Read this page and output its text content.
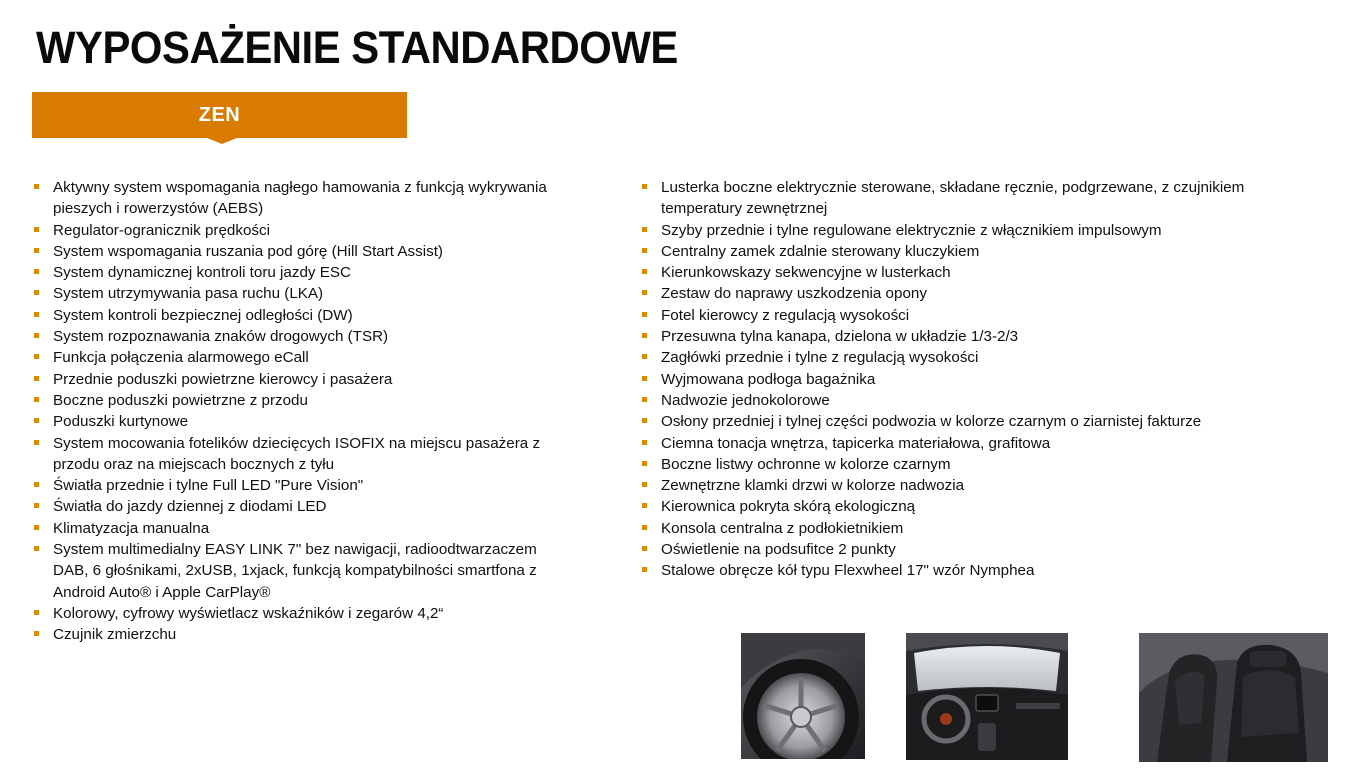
WYPOSAŻENIE STANDARDOWE
ZEN
Aktywny system wspomagania nagłego hamowania z funkcją wykrywania pieszych i rowerzystów (AEBS)
Regulator-ogranicznik prędkości
System wspomagania ruszania pod górę (Hill Start Assist)
System dynamicznej kontroli toru jazdy ESC
System utrzymywania pasa ruchu (LKA)
System kontroli bezpiecznej odległości (DW)
System rozpoznawania znaków drogowych (TSR)
Funkcja połączenia alarmowego eCall
Przednie poduszki powietrzne kierowcy i pasażera
Boczne poduszki powietrzne z przodu
Poduszki kurtynowe
System mocowania fotelików dziecięcych ISOFIX na miejscu pasażera z przodu oraz na miejscach bocznych z tyłu
Światła przednie i tylne Full LED "Pure Vision"
Światła do jazdy dziennej z diodami LED
Klimatyzacja manualna
System multimedialny EASY LINK 7" bez nawigacji, radioodtwarzaczem DAB, 6 głośnikami, 2xUSB, 1xjack, funkcją kompatybilności smartfona z Android Auto® i Apple CarPlay®
Kolorowy, cyfrowy wyświetlacz wskaźników i zegarów 4,2“
Czujnik zmierzchu
Lusterka boczne elektrycznie sterowane, składane ręcznie, podgrzewane, z czujnikiem temperatury zewnętrznej
Szyby przednie i tylne regulowane elektrycznie z włącznikiem impulsowym
Centralny zamek zdalnie sterowany kluczykiem
Kierunkowskazy sekwencyjne w lusterkach
Zestaw do naprawy uszkodzenia opony
Fotel kierowcy z regulacją wysokości
Przesuwna tylna kanapa, dzielona w układzie 1/3-2/3
Zagłówki przednie i tylne z regulacją wysokości
Wyjmowana podłoga bagażnika
Nadwozie jednokolorowe
Osłony przedniej i tylnej części podwozia w kolorze czarnym o ziarnistej fakturze
Ciemna tonacja wnętrza, tapicerka materiałowa, grafitowa
Boczne listwy ochronne w kolorze czarnym
Zewnętrzne klamki drzwi w kolorze nadwozia
Kierownica pokryta skórą ekologiczną
Konsola centralna z podłokietnikiem
Oświetlenie na podsufitce 2 punkty
Stalowe obręcze kół typu Flexwheel 17" wzór Nymphea
